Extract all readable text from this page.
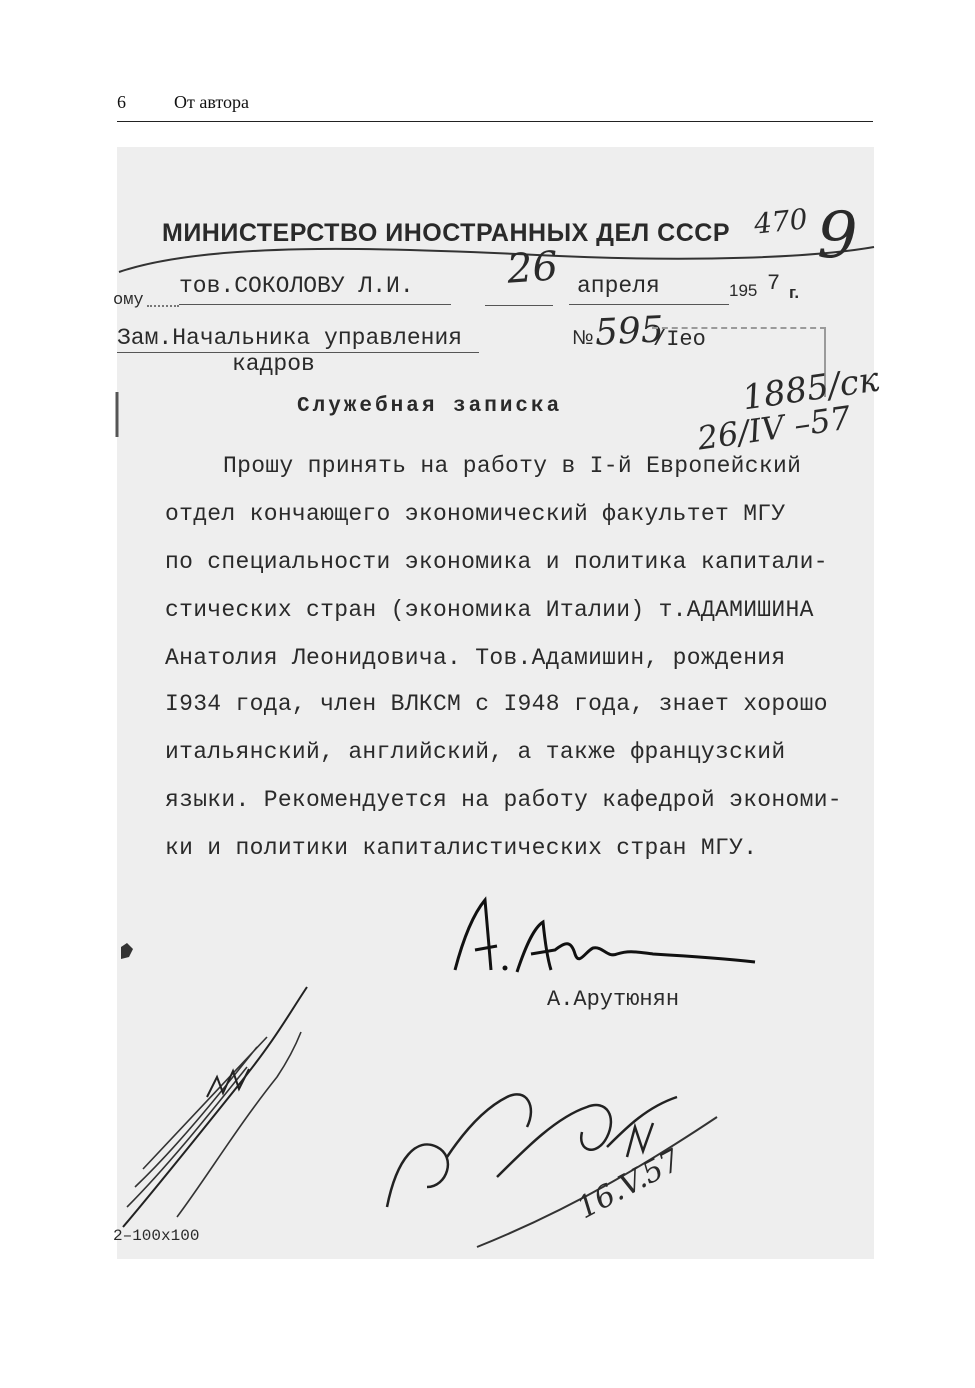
6	От автора
МИНИСТЕРСТВО ИНОСТРАННЫХ ДЕЛ СССР 470 9
ому
тов.СОКОЛОВУ Л.И. 26 апреля	195 7 г.
Зам.Начальника управления
кадров
№ 595
/Iео
Служебная записка	1885/ск
26/IV –57
Прошу принять на работу в I-й Европейский
отдел кончающего экономический факультет МГУ
по специальности экономика и политика капитали-
стических стран (экономика Италии) т.АДАМИШИНА
Анатолия Леонидовича. Тов.Адамишин, рождения
I934 года, член ВЛКСМ с I948 года, знает хорошо
итальянский, английский, а также французский
языки. Рекомендуется на работу кафедрой экономи-
ки и политики капиталистических стран МГУ.
А.Арутюнян
16.V.57
2–100x100
